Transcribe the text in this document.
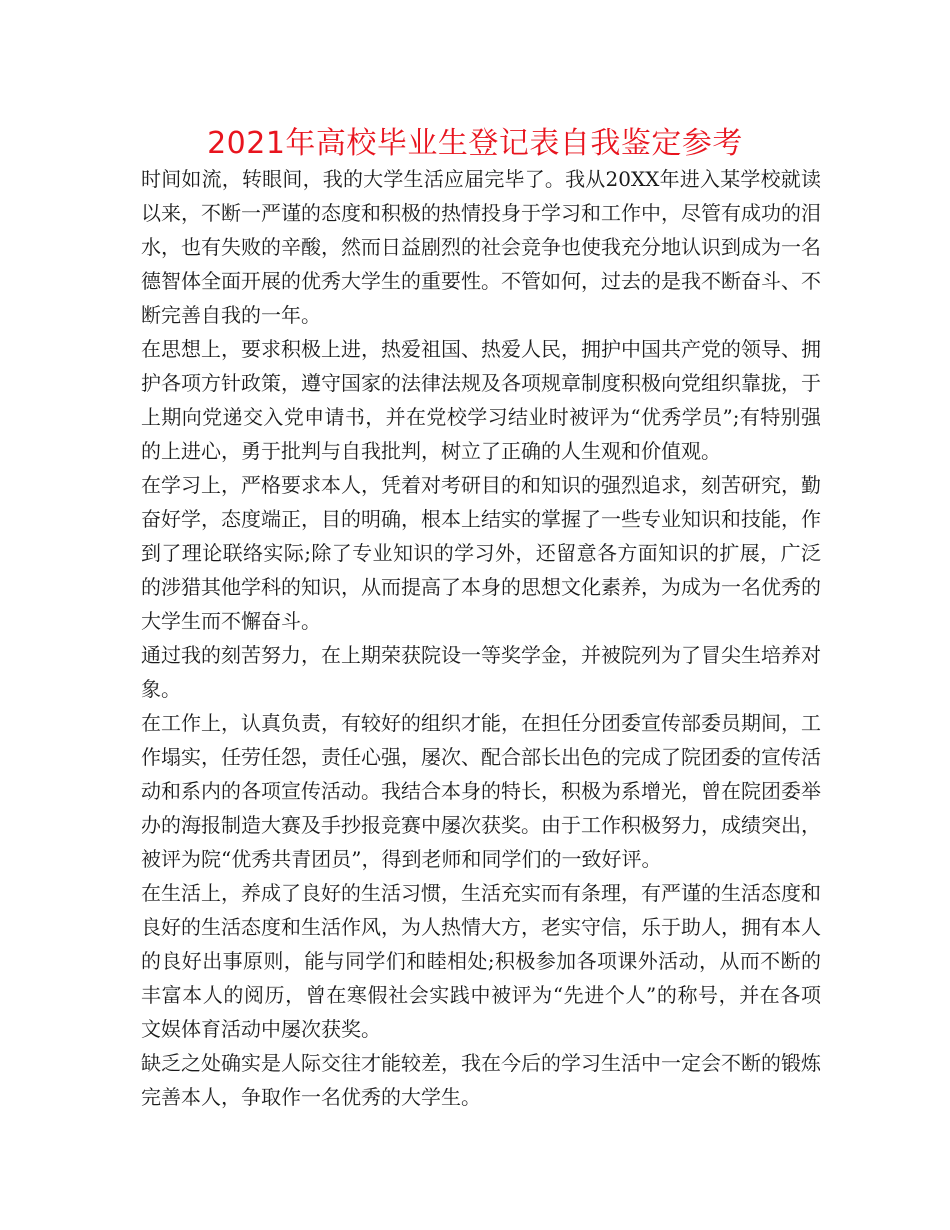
2021年高校毕业生登记表自我鉴定参考

时间如流，转眼间，我的大学生活应届完毕了。我从20XX年进入某学校就读以来，不断一严谨的态度和积极的热情投身于学习和工作中，尽管有成功的泪水，也有失败的辛酸，然而日益剧烈的社会竞争也使我充分地认识到成为一名德智体全面开展的优秀大学生的重要性。不管如何，过去的是我不断奋斗、不断完善自我的一年。

在思想上，要求积极上进，热爱祖国、热爱人民，拥护中国共产党的领导、拥护各项方针政策，遵守国家的法律法规及各项规章制度积极向党组织靠拢，于上期向党递交入党申请书，并在党校学习结业时被评为“优秀学员”;有特别强的上进心，勇于批判与自我批判，树立了正确的人生观和价值观。

在学习上，严格要求本人，凭着对考研目的和知识的强烈追求，刻苦研究，勤奋好学，态度端正，目的明确，根本上结实的掌握了一些专业知识和技能，作到了理论联络实际;除了专业知识的学习外，还留意各方面知识的扩展，广泛的涉猎其他学科的知识，从而提高了本身的思想文化素养，为成为一名优秀的大学生而不懈奋斗。

通过我的刻苦努力，在上期荣获院设一等奖学金，并被院列为了冒尖生培养对象。

在工作上，认真负责，有较好的组织才能，在担任分团委宣传部委员期间，工作塌实，任劳任怨，责任心强，屡次、配合部长出色的完成了院团委的宣传活动和系内的各项宣传活动。我结合本身的特长，积极为系增光，曾在院团委举办的海报制造大赛及手抄报竞赛中屡次获奖。由于工作积极努力，成绩突出，被评为院“优秀共青团员”，得到老师和同学们的一致好评。

在生活上，养成了良好的生活习惯，生活充实而有条理，有严谨的生活态度和良好的生活态度和生活作风，为人热情大方，老实守信，乐于助人，拥有本人的良好出事原则，能与同学们和睦相处;积极参加各项课外活动，从而不断的丰富本人的阅历，曾在寒假社会实践中被评为“先进个人”的称号，并在各项文娱体育活动中屡次获奖。

缺乏之处确实是人际交往才能较差，我在今后的学习生活中一定会不断的锻炼完善本人，争取作一名优秀的大学生。
